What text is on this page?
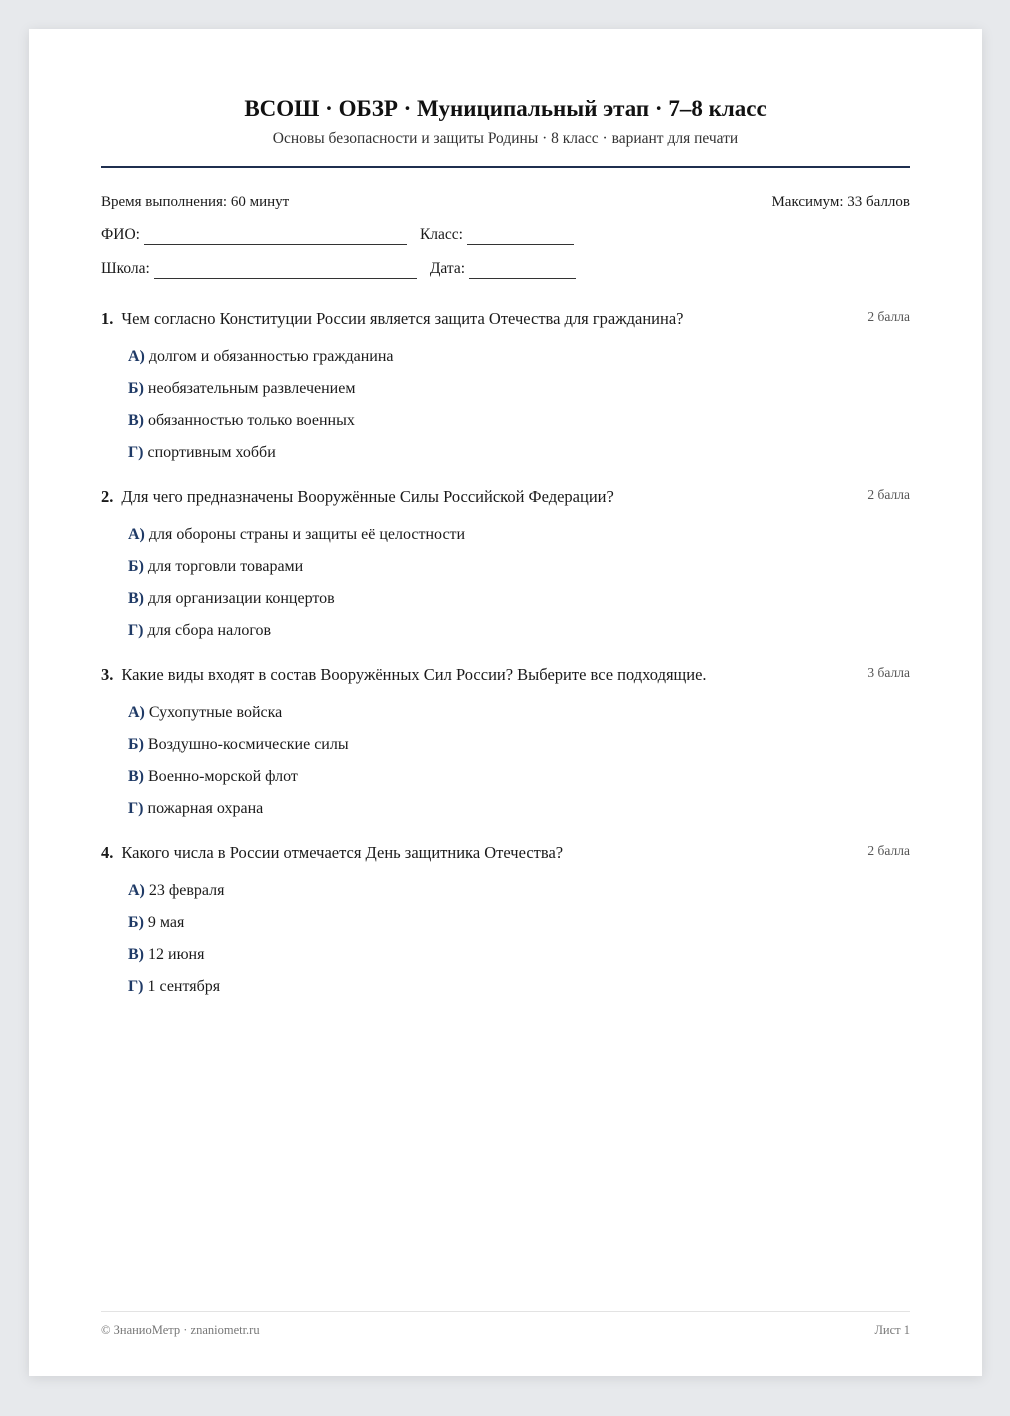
ВСОШ · ОБЗР · Муниципальный этап · 7–8 класс
Основы безопасности и защиты Родины · 8 класс · вариант для печати
Время выполнения: 60 минут	Максимум: 33 баллов
ФИО:	Класс:
Школа:	Дата:
1. Чем согласно Конституции России является защита Отечества для гражданина?	2 балла
А) долгом и обязанностью гражданина
Б) необязательным развлечением
В) обязанностью только военных
Г) спортивным хобби
2. Для чего предназначены Вооружённые Силы Российской Федерации?	2 балла
А) для обороны страны и защиты её целостности
Б) для торговли товарами
В) для организации концертов
Г) для сбора налогов
3. Какие виды входят в состав Вооружённых Сил России? Выберите все подходящие.	3 балла
А) Сухопутные войска
Б) Воздушно-космические силы
В) Военно-морской флот
Г) пожарная охрана
4. Какого числа в России отмечается День защитника Отечества?	2 балла
А) 23 февраля
Б) 9 мая
В) 12 июня
Г) 1 сентября
© ЗнаниоМетр · znaniometr.ru	Лист 1
